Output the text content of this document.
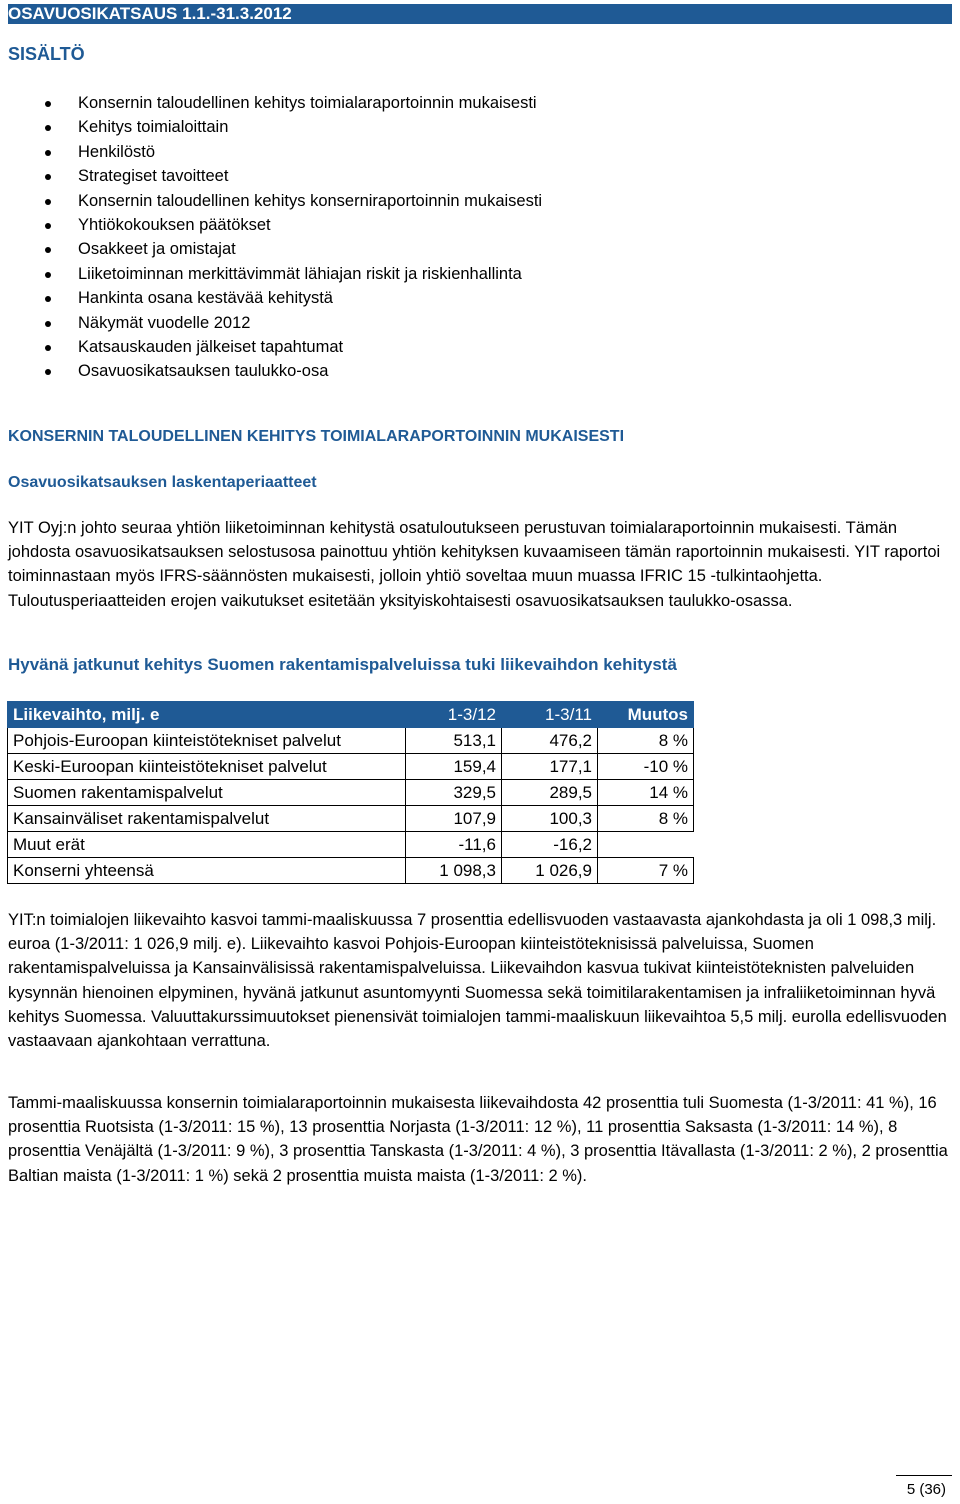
OSAVUOSIKATSAUS 1.1.-31.3.2012
SISÄLTÖ
Konsernin taloudellinen kehitys toimialaraportoinnin mukaisesti
Kehitys toimialoittain
Henkilöstö
Strategiset tavoitteet
Konsernin taloudellinen kehitys konserniraportoinnin mukaisesti
Yhtiökokouksen päätökset
Osakkeet ja omistajat
Liiketoiminnan merkittävimmät lähiajan riskit ja riskienhallinta
Hankinta osana kestävää kehitystä
Näkymät vuodelle 2012
Katsauskauden jälkeiset tapahtumat
Osavuosikatsauksen taulukko-osa
KONSERNIN TALOUDELLINEN KEHITYS TOIMIALARAPORTOINNIN MUKAISESTI
Osavuosikatsauksen laskentaperiaatteet

YIT Oyj:n johto seuraa yhtiön liiketoiminnan kehitystä osatuloutukseen perustuvan toimialaraportoinnin mukaisesti. Tämän johdosta osavuosikatsauksen selostusosa painottuu yhtiön kehityksen kuvaamiseen tämän raportoinnin mukaisesti. YIT raportoi toiminnastaan myös IFRS-säännösten mukaisesti, jolloin yhtiö soveltaa muun muassa IFRIC 15 -tulkintaohjetta. Tuloutusperiaatteiden erojen vaikutukset esitetään yksityiskohtaisesti osavuosikatsauksen taulukko-osassa.

Hyvänä jatkunut kehitys Suomen rakentamispalveluissa tuki liikevaihdon kehitystä
Liikevaihto, milj. e	1-3/12	1-3/11	Muutos
Pohjois-Euroopan kiinteistötekniset palvelut	513,1	476,2	8 %
Keski-Euroopan kiinteistötekniset palvelut	159,4	177,1	-10 %
Suomen rakentamispalvelut	329,5	289,5	14 %
Kansainväliset rakentamispalvelut	107,9	100,3	8 %
Muut erät	-11,6	-16,2	
Konserni yhteensä	1 098,3	1 026,9	7 %

YIT:n toimialojen liikevaihto kasvoi tammi-maaliskuussa 7 prosenttia edellisvuoden vastaavasta ajankohdasta ja oli 1 098,3 milj. euroa (1-3/2011: 1 026,9 milj. e). Liikevaihto kasvoi Pohjois-Euroopan kiinteistöteknisissä palveluissa, Suomen rakentamispalveluissa ja Kansainvälisissä rakentamispalveluissa. Liikevaihdon kasvua tukivat kiinteistöteknisten palveluiden kysynnän hienoinen elpyminen, hyvänä jatkunut asuntomyynti Suomessa sekä toimitilarakentamisen ja infraliiketoiminnan hyvä kehitys Suomessa. Valuuttakurssimuutokset pienensivät toimialojen tammi-maaliskuun liikevaihtoa 5,5 milj. eurolla edellisvuoden vastaavaan ajankohtaan verrattuna.

Tammi-maaliskuussa konsernin toimialaraportoinnin mukaisesta liikevaihdosta 42 prosenttia tuli Suomesta (1-3/2011: 41 %), 16 prosenttia Ruotsista (1-3/2011: 15 %), 13 prosenttia Norjasta (1-3/2011: 12 %), 11 prosenttia Saksasta (1-3/2011: 14 %), 8 prosenttia Venäjältä (1-3/2011: 9 %), 3 prosenttia Tanskasta (1-3/2011: 4 %), 3 prosenttia Itävallasta (1-3/2011: 2 %), 2 prosenttia Baltian maista (1-3/2011: 1 %) sekä 2 prosenttia muista maista (1-3/2011: 2 %).

5 (36)
